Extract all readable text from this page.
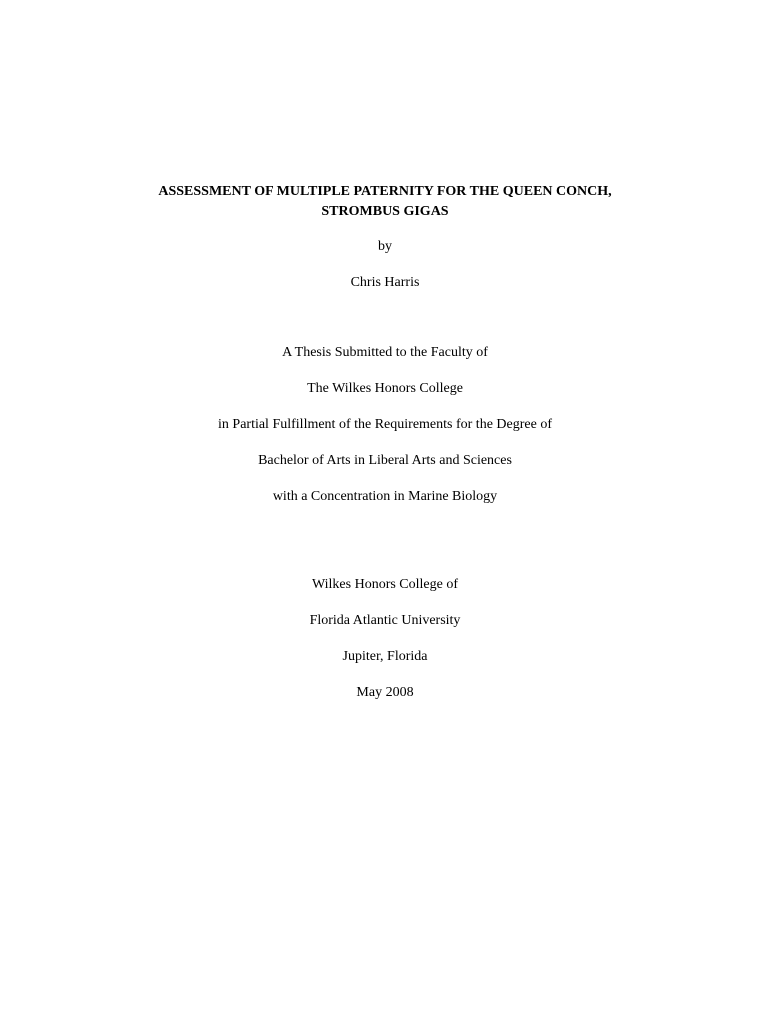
ASSESSMENT OF MULTIPLE PATERNITY FOR THE QUEEN CONCH,
STROMBUS GIGAS
by
Chris Harris
A Thesis Submitted to the Faculty of
The Wilkes Honors College
in Partial Fulfillment of the Requirements for the Degree of
Bachelor of Arts in Liberal Arts and Sciences
with a Concentration in Marine Biology
Wilkes Honors College of
Florida Atlantic University
Jupiter, Florida
May 2008
